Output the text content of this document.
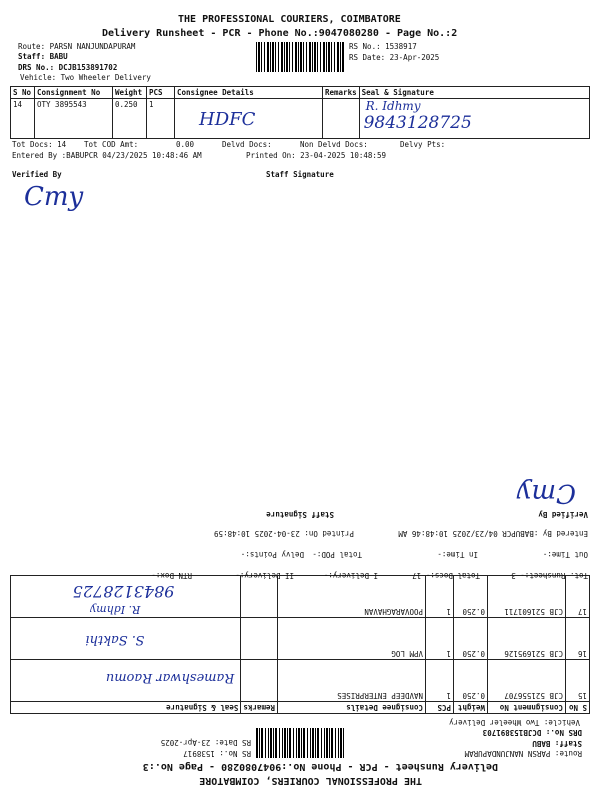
THE PROFESSIONAL COURIERS, COIMBATORE
Delivery Runsheet - PCR - Phone No.:9047080280 - Page No.:2
Route: PARSN NANJUNDAPURAM
Staff: BABU
DRS No.: DCJB153891702
Vehicle: Two Wheeler Delivery
RS No.: 1538917
RS Date: 23-Apr-2025
S No	Consignment No	Weight	PCS	Consignee Details	Remarks	Seal & Signature
14	OTY 3895543	0.250	1	HDFC		R. Idhmy
9843128725
Tot Docs: 14 Tot COD Amt:	0.00	Delvd Docs:	Non Delvd Docs:	Delvy Pts:
Entered By :BABUPCR 04/23/2025 10:48:46 AM	Printed On: 23-04-2025 10:48:59
Verified By	Staff Signature
Cmy
THE PROFESSIONAL COURIERS, COIMBATORE
Delivery Runsheet - PCR - Phone No.:9047080280 - Page No.:3
Route: PARSN NANJUNDAPURAM
Staff: BABU
DRS No.: DCJB153891703
Vehicle: Two Wheeler Delivery
RS No.: 1538917
RS Date: 23-Apr-2025
S No	Consignment No	Weight	PCS	Consignee Details	Remarks	Seal & Signature
15	CJB 521556707	0.250	1	NAVDEEP ENTERPRISES		Rameshwar Raomu

16	CJB 521695126	0.250	1	VPM LOG		S. Sakthi

17	CJB 521601711	0.250	1	POOVARAGHAVAN		R. Idhmy
9843128725
Tot. Runsheet:- 3
Total Docs:- 17
I Delivery:-
II Delivery:-
RTN Dox:-
Out Time:-
In Time:-
Total POD:-
Delvy Points:-
Entered By :BABUPCR 04/23/2025 10:48:46 AM
Printed On: 23-04-2025 10:48:59
Verified By
Staff Signature
Cmy
